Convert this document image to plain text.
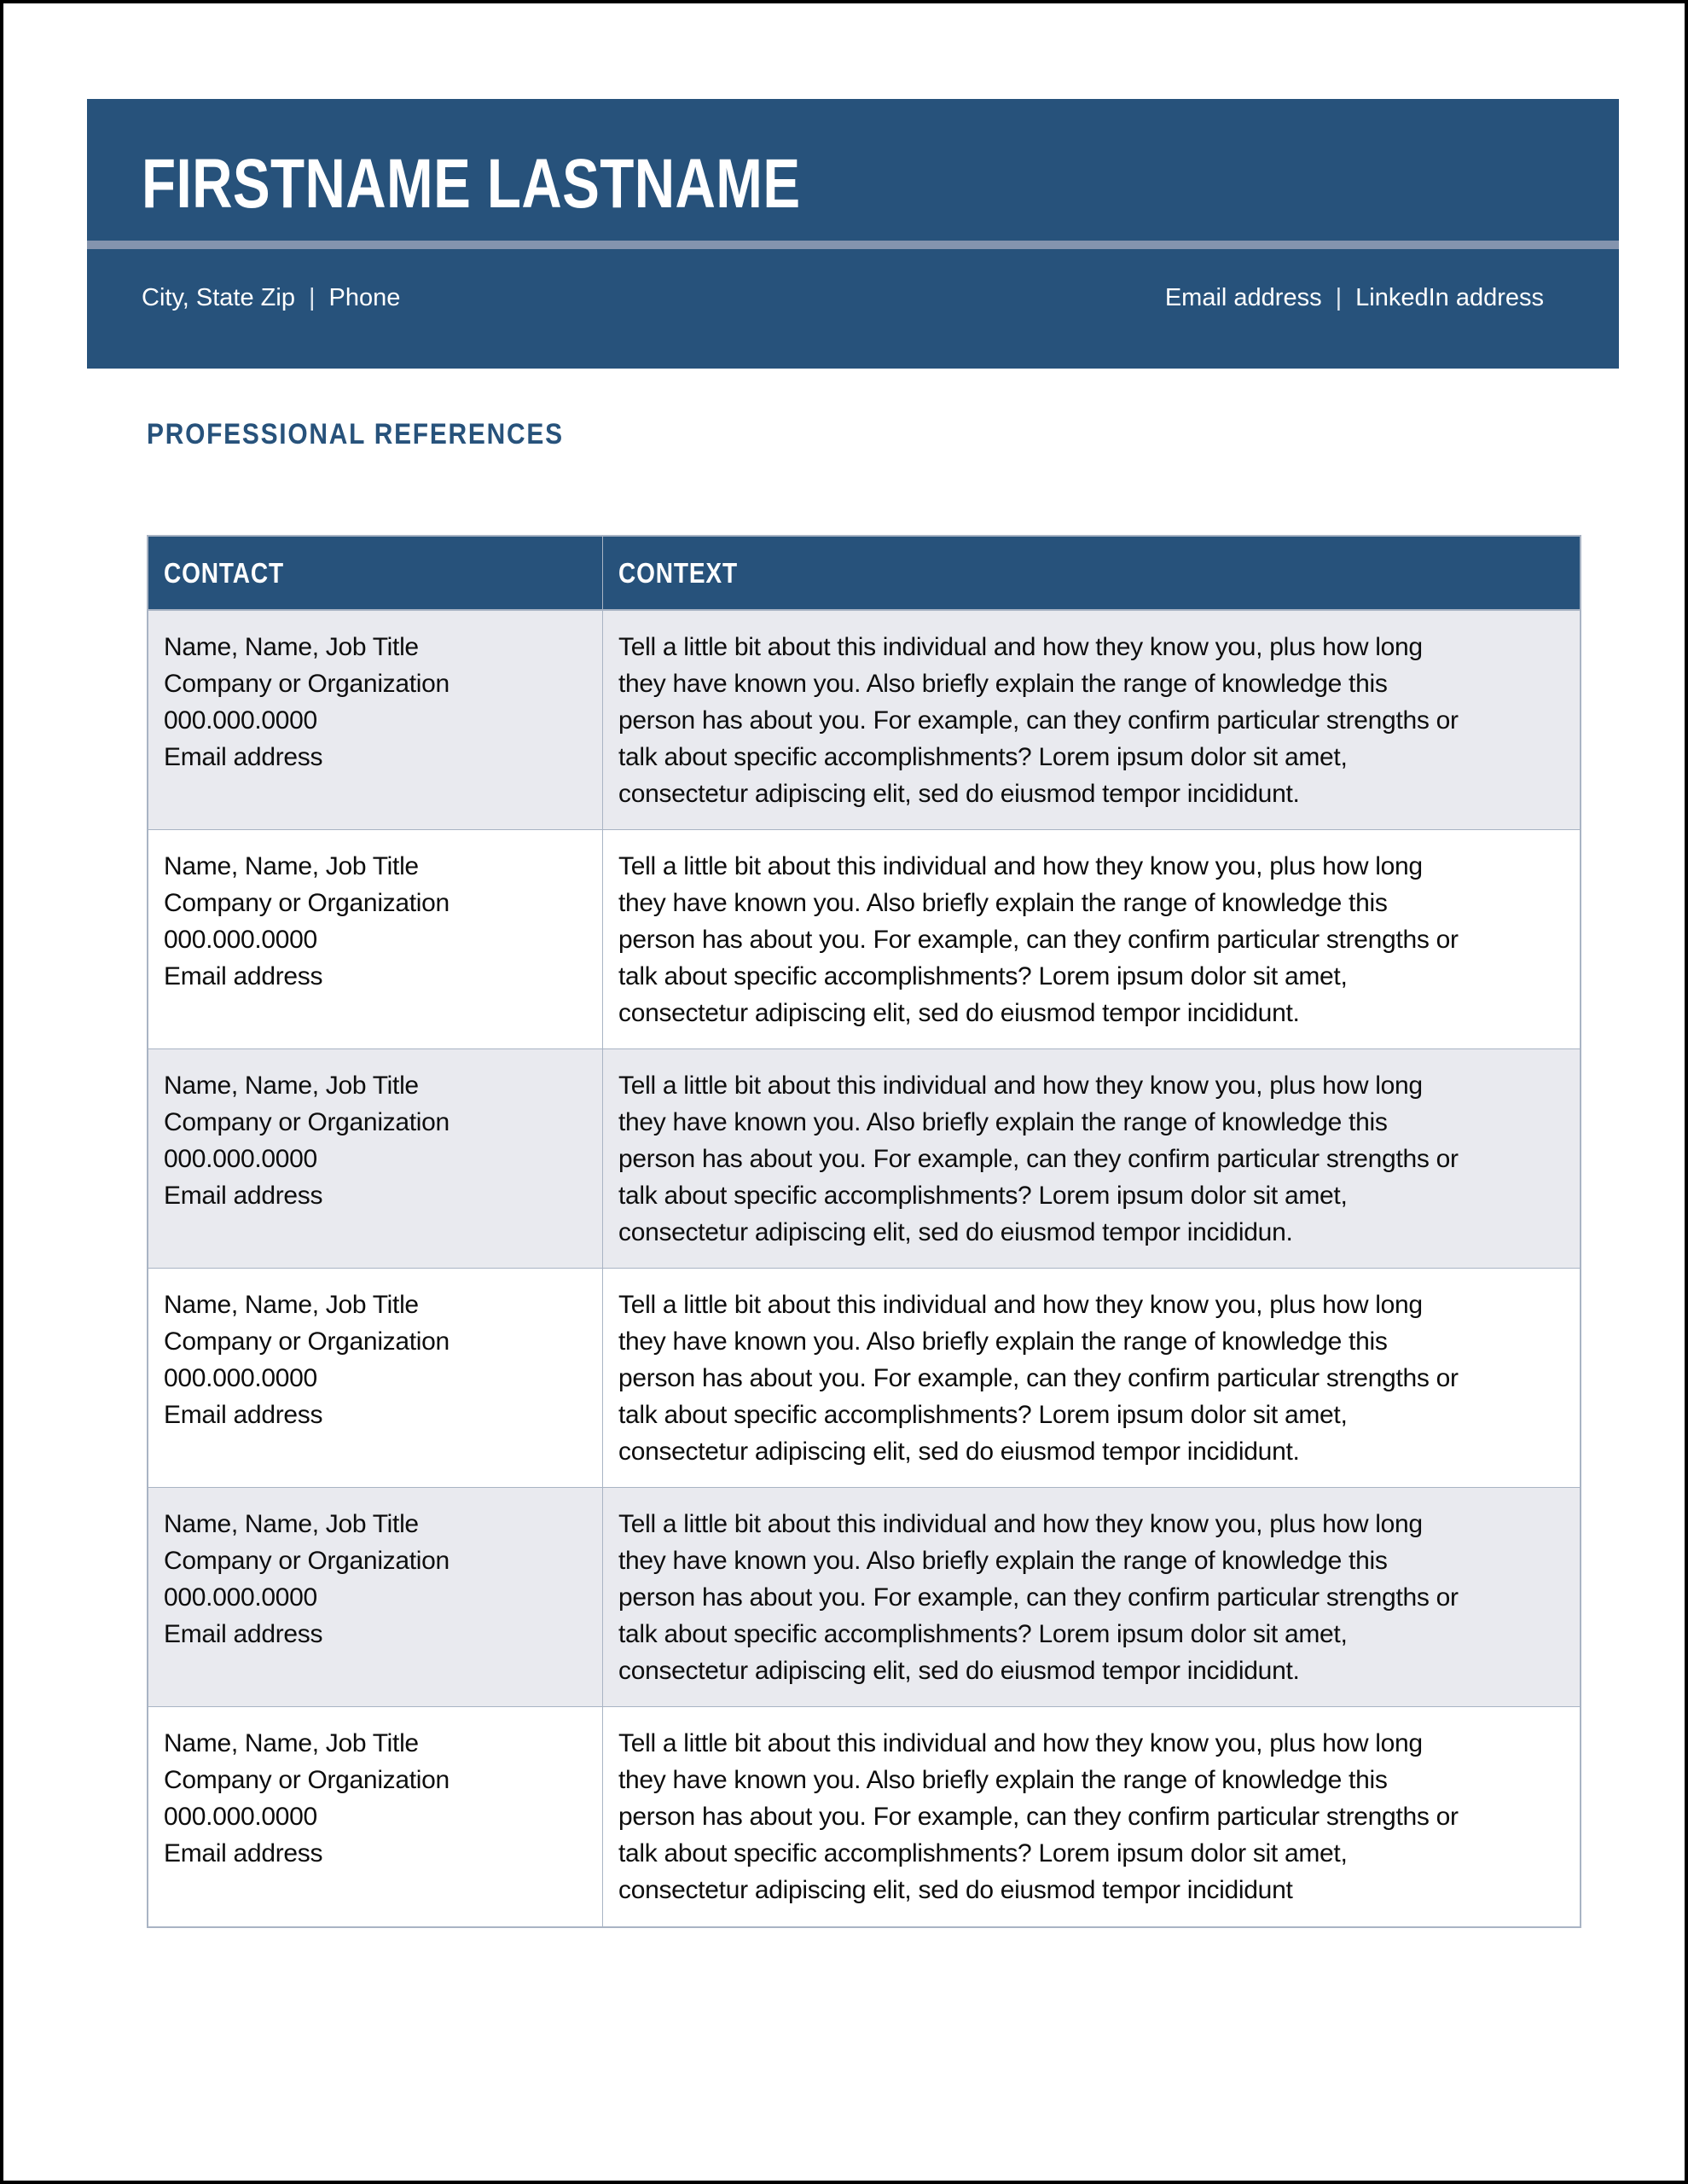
FIRSTNAME LASTNAME
City, State Zip | Phone	Email address | LinkedIn address
PROFESSIONAL REFERENCES
CONTACT	CONTEXT
Name, Name, Job Title
Company or Organization
000.000.0000
Email address
Tell a little bit about this individual and how they know you, plus how long
they have known you. Also briefly explain the range of knowledge this
person has about you. For example, can they confirm particular strengths or
talk about specific accomplishments? Lorem ipsum dolor sit amet,
consectetur adipiscing elit, sed do eiusmod tempor incididunt.
Name, Name, Job Title
Company or Organization
000.000.0000
Email address
Tell a little bit about this individual and how they know you, plus how long
they have known you. Also briefly explain the range of knowledge this
person has about you. For example, can they confirm particular strengths or
talk about specific accomplishments? Lorem ipsum dolor sit amet,
consectetur adipiscing elit, sed do eiusmod tempor incididunt.
Name, Name, Job Title
Company or Organization
000.000.0000
Email address
Tell a little bit about this individual and how they know you, plus how long
they have known you. Also briefly explain the range of knowledge this
person has about you. For example, can they confirm particular strengths or
talk about specific accomplishments? Lorem ipsum dolor sit amet,
consectetur adipiscing elit, sed do eiusmod tempor incididun.
Name, Name, Job Title
Company or Organization
000.000.0000
Email address
Tell a little bit about this individual and how they know you, plus how long
they have known you. Also briefly explain the range of knowledge this
person has about you. For example, can they confirm particular strengths or
talk about specific accomplishments? Lorem ipsum dolor sit amet,
consectetur adipiscing elit, sed do eiusmod tempor incididunt.
Name, Name, Job Title
Company or Organization
000.000.0000
Email address
Tell a little bit about this individual and how they know you, plus how long
they have known you. Also briefly explain the range of knowledge this
person has about you. For example, can they confirm particular strengths or
talk about specific accomplishments? Lorem ipsum dolor sit amet,
consectetur adipiscing elit, sed do eiusmod tempor incididunt.
Name, Name, Job Title
Company or Organization
000.000.0000
Email address
Tell a little bit about this individual and how they know you, plus how long
they have known you. Also briefly explain the range of knowledge this
person has about you. For example, can they confirm particular strengths or
talk about specific accomplishments? Lorem ipsum dolor sit amet,
consectetur adipiscing elit, sed do eiusmod tempor incididunt
